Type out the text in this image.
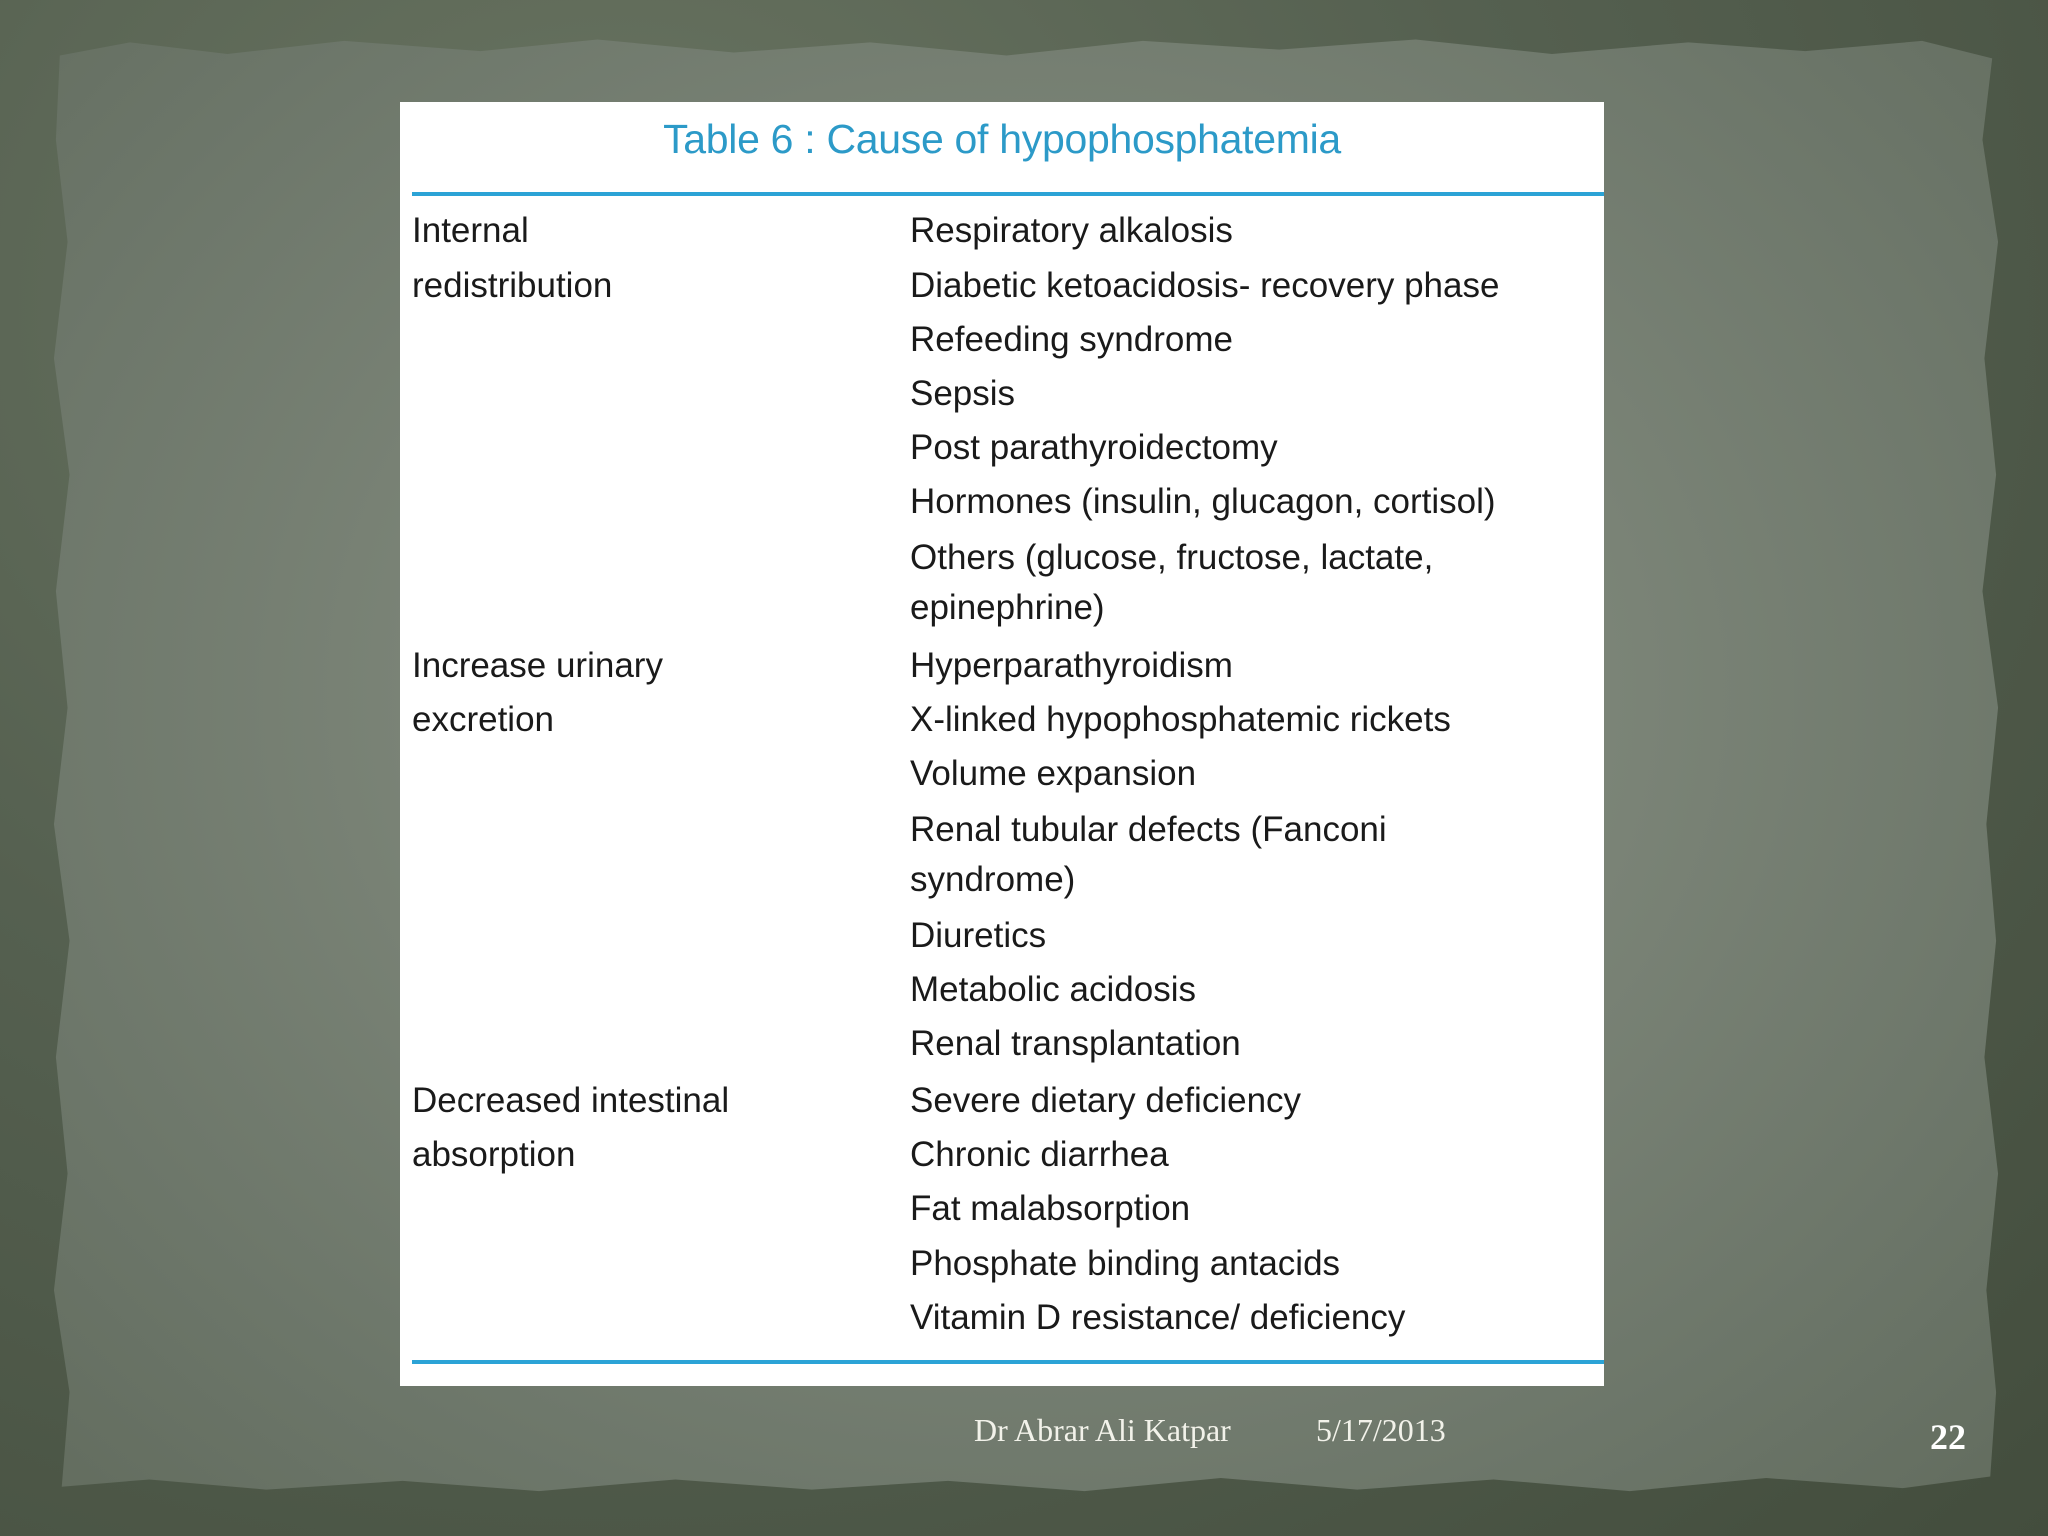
Table 6 : Cause of hypophosphatemia
Internal
redistribution
Respiratory alkalosis
Diabetic ketoacidosis- recovery phase
Refeeding syndrome
Sepsis
Post parathyroidectomy
Hormones (insulin, glucagon, cortisol)
Others (glucose, fructose, lactate, epinephrine)
Increase urinary
excretion
Hyperparathyroidism
X-linked hypophosphatemic rickets
Volume expansion
Renal tubular defects (Fanconi syndrome)
Diuretics
Metabolic acidosis
Renal transplantation
Decreased intestinal
absorption
Severe dietary deficiency
Chronic diarrhea
Fat malabsorption
Phosphate binding antacids
Vitamin D resistance/ deficiency
Dr Abrar Ali Katpar	5/17/2013	22
